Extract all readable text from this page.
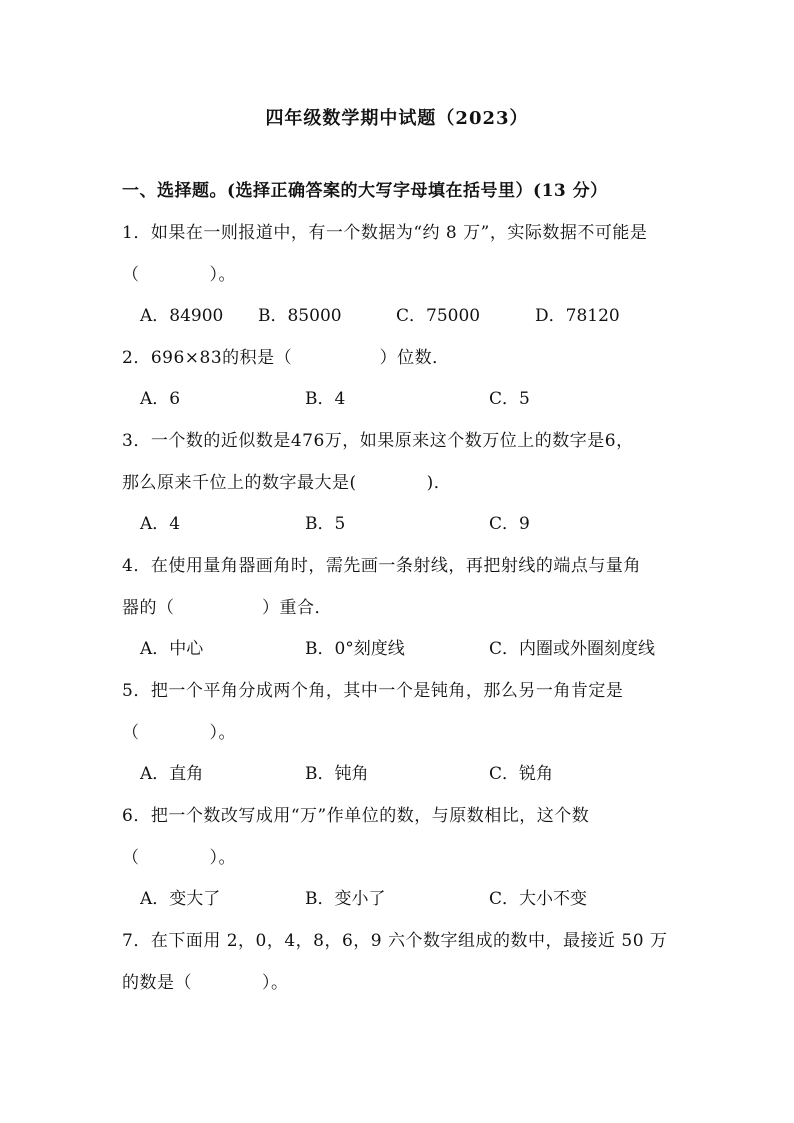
四年级数学期中试题（2023）
一、选择题。(选择正确答案的大写字母填在括号里）(13 分）
1．如果在一则报道中，有一个数据为“约 8 万”，实际数据不可能是
（　　　　）。

A．84900

B．85000

	C．75000

	D．78120

2．696×83的积是（　　　　　）位数．

A．6

	B．4

	C．5

3．一个数的近似数是476万，如果原来这个数万位上的数字是6，
那么原来千位上的数字最大是(　　　　)．

A．4

	B．5

	C．9

4．在使用量角器画角时，需先画一条射线，再把射线的端点与量角
器的（　　　　　）重合．

A．中心

	B．0°刻度线

	C．内圈或外圈刻度线

5．把一个平角分成两个角，其中一个是钝角，那么另一角肯定是
（　　　　）。

A．直角

	B．钝角

	C．锐角

6．把一个数改写成用“万”作单位的数，与原数相比，这个数
（　　　　）。

A．变大了

	B．变小了

	C．大小不变

7．在下面用 2，0，4，8，6，9 六个数字组成的数中，最接近 50 万
的数是（　　　　）。
